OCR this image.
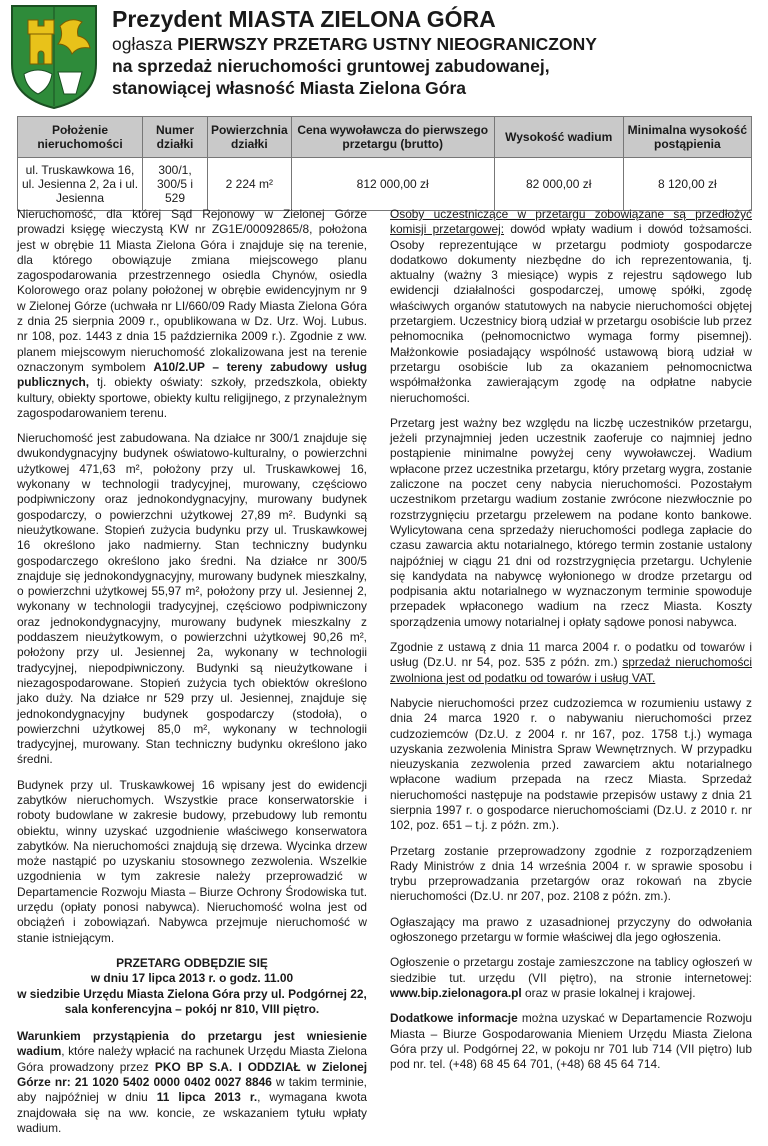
Prezydent MIASTA ZIELONA GÓRA
ogłasza PIERWSZY PRZETARG USTNY NIEOGRANICZONY
na sprzedaż nieruchomości gruntowej zabudowanej,
stanowiącej własność Miasta Zielona Góra
Położenie nieruchomości	Numer działki	Powierzchnia działki	Cena wywoławcza do pierwszego przetargu (brutto)	Wysokość wadium	Minimalna wysokość postąpienia
ul. Truskawkowa 16, ul. Jesienna 2, 2a i ul. Jesienna	300/1, 300/5 i 529	2 224 m²	812 000,00 zł	82 000,00 zł	8 120,00 zł

Nieruchomość, dla której Sąd Rejonowy w Zielonej Górze prowadzi księgę wieczystą KW nr ZG1E/00092865/8, położona jest w obrębie 11 Miasta Zielona Góra i znajduje się na terenie, dla którego obowiązuje zmiana miejscowego planu zagospodarowania przestrzennego osiedla Chynów, osiedla Kolorowego oraz polany położonej w obrębie ewidencyjnym nr 9 w Zielonej Górze (uchwała nr LI/660/09 Rady Miasta Zielona Góra z dnia 25 sierpnia 2009 r., opublikowana w Dz. Urz. Woj. Lubus. nr 108, poz. 1443 z dnia 15 października 2009 r.). Zgodnie z ww. planem miejscowym nieruchomość zlokalizowana jest na terenie oznaczonym symbolem A10/2.UP – tereny zabudowy usług publicznych, tj. obiekty oświaty: szkoły, przedszkola, obiekty kultury, obiekty sportowe, obiekty kultu religijnego, z przynależnym zagospodarowaniem terenu.

Nieruchomość jest zabudowana. Na działce nr 300/1 znajduje się dwukondygnacyjny budynek oświatowo-kulturalny, o powierzchni użytkowej 471,63 m², położony przy ul. Truskawkowej 16, wykonany w technologii tradycyjnej, murowany, częściowo podpiwniczony oraz jednokondygnacyjny, murowany budynek gospodarczy, o powierzchni użytkowej 27,89 m². Budynki są nieużytkowane. Stopień zużycia budynku przy ul. Truskawkowej 16 określono jako nadmierny. Stan techniczny budynku gospodarczego określono jako średni. Na działce nr 300/5 znajduje się jednokondygnacyjny, murowany budynek mieszkalny, o powierzchni użytkowej 55,97 m², położony przy ul. Jesiennej 2, wykonany w technologii tradycyjnej, częściowo podpiwniczony oraz jednokondygnacyjny, murowany budynek mieszkalny z poddaszem nieużytkowym, o powierzchni użytkowej 90,26 m², położony przy ul. Jesiennej 2a, wykonany w technologii tradycyjnej, niepodpiwniczony. Budynki są nieużytkowane i niezagospodarowane. Stopień zużycia tych obiektów określono jako duży. Na działce nr 529 przy ul. Jesiennej, znajduje się jednokondygnacyjny budynek gospodarczy (stodoła), o powierzchni użytkowej 85,0 m², wykonany w technologii tradycyjnej, murowany. Stan techniczny budynku określono jako średni.

Budynek przy ul. Truskawkowej 16 wpisany jest do ewidencji zabytków nieruchomych. Wszystkie prace konserwatorskie i roboty budowlane w zakresie budowy, przebudowy lub remontu obiektu, winny uzyskać uzgodnienie właściwego konserwatora zabytków. Na nieruchomości znajdują się drzewa. Wycinka drzew może nastąpić po uzyskaniu stosownego zezwolenia. Wszelkie uzgodnienia w tym zakresie należy przeprowadzić w Departamencie Rozwoju Miasta – Biurze Ochrony Środowiska tut. urzędu (opłaty ponosi nabywca). Nieruchomość wolna jest od obciążeń i zobowiązań. Nabywca przejmuje nieruchomość w stanie istniejącym.

PRZETARG ODBĘDZIE SIĘ
w dniu 17 lipca 2013 r. o godz. 11.00
w siedzibie Urzędu Miasta Zielona Góra przy ul. Podgórnej 22, sala konferencyjna – pokój nr 810, VIII piętro.

Warunkiem przystąpienia do przetargu jest wniesienie wadium, które należy wpłacić na rachunek Urzędu Miasta Zielona Góra prowadzony przez PKO BP S.A. I ODDZIAŁ w Zielonej Górze nr: 21 1020 5402 0000 0402 0027 8846 w takim terminie, aby najpóźniej w dniu 11 lipca 2013 r., wymagana kwota znajdowała się na ww. koncie, ze wskazaniem tytułu wpłaty wadium.

Osoby uczestniczące w przetargu zobowiązane są przedłożyć komisji przetargowej: dowód wpłaty wadium i dowód tożsamości. Osoby reprezentujące w przetargu podmioty gospodarcze dodatkowo dokumenty niezbędne do ich reprezentowania, tj. aktualny (ważny 3 miesiące) wypis z rejestru sądowego lub ewidencji działalności gospodarczej, umowę spółki, zgodę właściwych organów statutowych na nabycie nieruchomości objętej przetargiem. Uczestnicy biorą udział w przetargu osobiście lub przez pełnomocnika (pełnomocnictwo wymaga formy pisemnej). Małżonkowie posiadający wspólność ustawową biorą udział w przetargu osobiście lub za okazaniem pełnomocnictwa współmałżonka zawierającym zgodę na odpłatne nabycie nieruchomości.

Przetarg jest ważny bez względu na liczbę uczestników przetargu, jeżeli przynajmniej jeden uczestnik zaoferuje co najmniej jedno postąpienie minimalne powyżej ceny wywoławczej. Wadium wpłacone przez uczestnika przetargu, który przetarg wygra, zostanie zaliczone na poczet ceny nabycia nieruchomości. Pozostałym uczestnikom przetargu wadium zostanie zwrócone niezwłocznie po rozstrzygnięciu przetargu przelewem na podane konto bankowe. Wylicytowana cena sprzedaży nieruchomości podlega zapłacie do czasu zawarcia aktu notarialnego, którego termin zostanie ustalony najpóźniej w ciągu 21 dni od rozstrzygnięcia przetargu. Uchylenie się kandydata na nabywcę wyłonionego w drodze przetargu od podpisania aktu notarialnego w wyznaczonym terminie spowoduje przepadek wpłaconego wadium na rzecz Miasta. Koszty sporządzenia umowy notarialnej i opłaty sądowe ponosi nabywca.

Zgodnie z ustawą z dnia 11 marca 2004 r. o podatku od towarów i usług (Dz.U. nr 54, poz. 535 z późn. zm.) sprzedaż nieruchomości zwolniona jest od podatku od towarów i usług VAT.

Nabycie nieruchomości przez cudzoziemca w rozumieniu ustawy z dnia 24 marca 1920 r. o nabywaniu nieruchomości przez cudzoziemców (Dz.U. z 2004 r. nr 167, poz. 1758 t.j.) wymaga uzyskania zezwolenia Ministra Spraw Wewnętrznych. W przypadku nieuzyskania zezwolenia przed zawarciem aktu notarialnego wpłacone wadium przepada na rzecz Miasta. Sprzedaż nieruchomości następuje na podstawie przepisów ustawy z dnia 21 sierpnia 1997 r. o gospodarce nieruchomościami (Dz.U. z 2010 r. nr 102, poz. 651 – t.j. z późn. zm.).

Przetarg zostanie przeprowadzony zgodnie z rozporządzeniem Rady Ministrów z dnia 14 września 2004 r. w sprawie sposobu i trybu przeprowadzania przetargów oraz rokowań na zbycie nieruchomości (Dz.U. nr 207, poz. 2108 z późn. zm.).

Ogłaszający ma prawo z uzasadnionej przyczyny do odwołania ogłoszonego przetargu w formie właściwej dla jego ogłoszenia.

Ogłoszenie o przetargu zostaje zamieszczone na tablicy ogłoszeń w siedzibie tut. urzędu (VII piętro), na stronie internetowej: www.bip.zielonagora.pl oraz w prasie lokalnej i krajowej.

Dodatkowe informacje można uzyskać w Departamencie Rozwoju Miasta – Biurze Gospodarowania Mieniem Urzędu Miasta Zielona Góra przy ul. Podgórnej 22, w pokoju nr 701 lub 714 (VII piętro) lub pod nr. tel. (+48) 68 45 64 701, (+48) 68 45 64 714.
